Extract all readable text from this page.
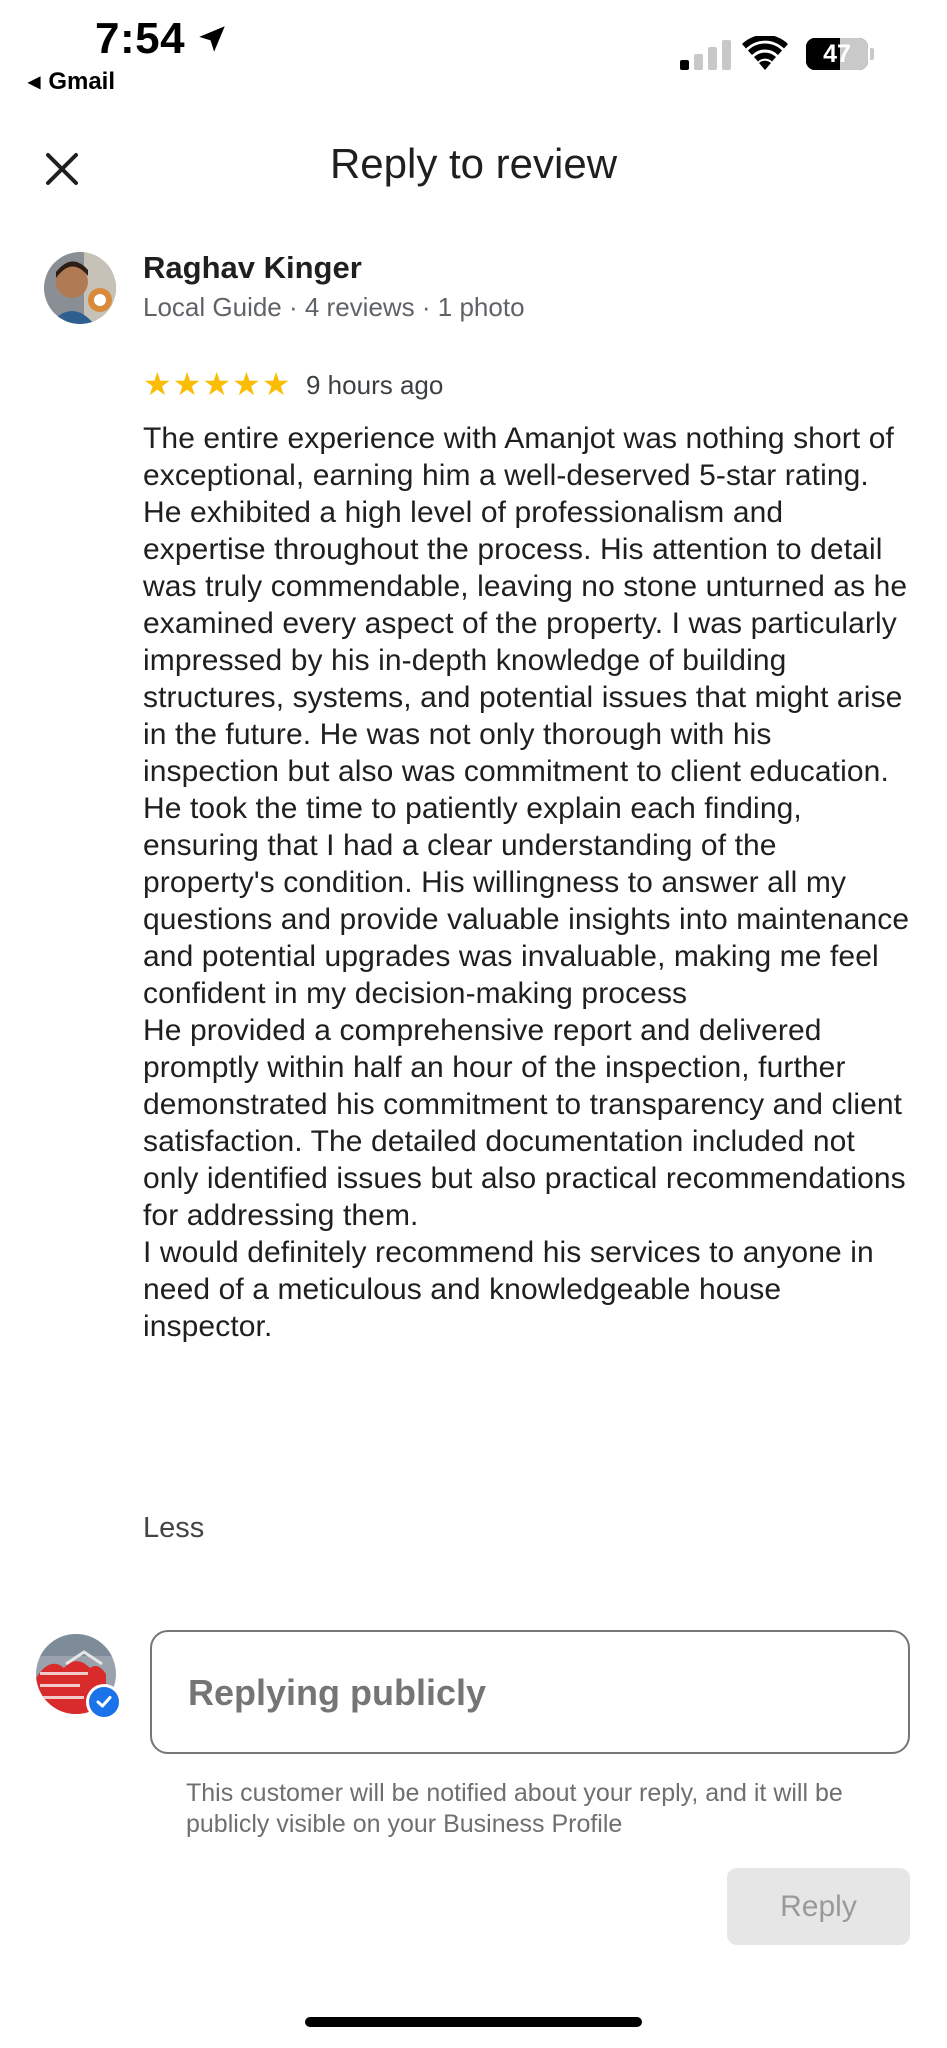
7:54
◀ Gmail
47
Reply to review
Raghav Kinger
Local Guide · 4 reviews · 1 photo
★ ★ ★ ★ ★ 9 hours ago
The entire experience with Amanjot was nothing short of exceptional, earning him a well-deserved 5-star rating.
He exhibited a high level of professionalism and expertise throughout the process. His attention to detail was truly commendable, leaving no stone unturned as he examined every aspect of the property. I was particularly impressed by his in-depth knowledge of building structures, systems, and potential issues that might arise in the future. He was not only thorough with his inspection but also was commitment to client education. He took the time to patiently explain each finding, ensuring that I had a clear understanding of the property's condition. His willingness to answer all my questions and provide valuable insights into maintenance and potential upgrades was invaluable, making me feel confident in my decision-making process
He provided a comprehensive report and delivered promptly within half an hour of the inspection, further demonstrated his commitment to transparency and client satisfaction. The detailed documentation included not only identified issues but also practical recommendations for addressing them.
I would definitely recommend his services to anyone in need of a meticulous and knowledgeable house inspector.
Less
Replying publicly
This customer will be notified about your reply, and it will be publicly visible on your Business Profile
Reply
